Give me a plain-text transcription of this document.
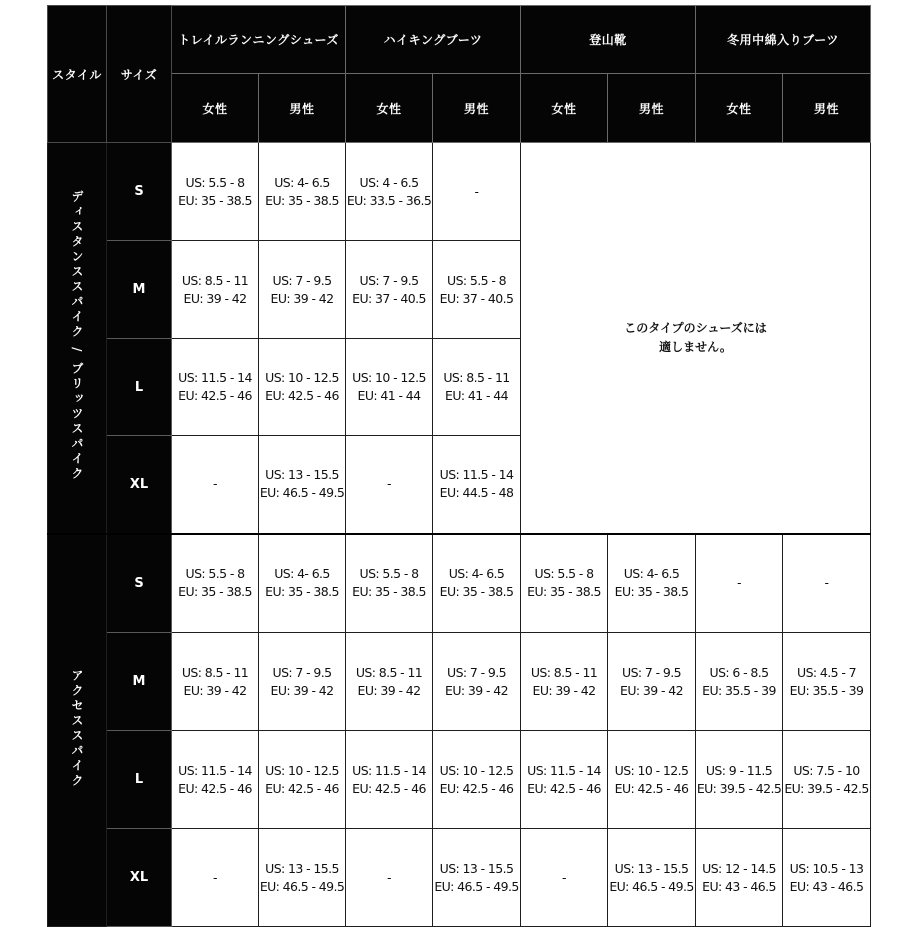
スタイル	サイズ	トレイルランニングシューズ		ハイキングブーツ		登山靴		冬用中綿入りブーツ	
		女性	男性	女性	男性	女性	男性	女性	男性
ディスタンススパイク / ブリッツスパイク	S	US: 5.5 - 8
EU: 35 - 38.5	US: 4- 6.5
EU: 35 - 38.5	US: 4 - 6.5
EU: 33.5 - 36.5	-	このタイプのシューズには
適しません。			

	M	US: 8.5 - 11
EU: 39 - 42	US: 7 - 9.5
EU: 39 - 42	US: 7 - 9.5
EU: 37 - 40.5	US: 5.5 - 8
EU: 37 - 40.5				

	L	US: 11.5 - 14
EU: 42.5 - 46	US: 10 - 12.5
EU: 42.5 - 46	US: 10 - 12.5
EU: 41 - 44	US: 8.5 - 11
EU: 41 - 44				

	XL	-	US: 13 - 15.5
EU: 46.5 - 49.5	-	US: 11.5 - 14
EU: 44.5 - 48				

アクセススパイク	S	US: 5.5 - 8
EU: 35 - 38.5	US: 4- 6.5
EU: 35 - 38.5	US: 5.5 - 8
EU: 35 - 38.5	US: 4- 6.5
EU: 35 - 38.5	US: 5.5 - 8
EU: 35 - 38.5	US: 4- 6.5
EU: 35 - 38.5	-	-

	M	US: 8.5 - 11
EU: 39 - 42	US: 7 - 9.5
EU: 39 - 42	US: 8.5 - 11
EU: 39 - 42	US: 7 - 9.5
EU: 39 - 42	US: 8.5 - 11
EU: 39 - 42	US: 7 - 9.5
EU: 39 - 42	US: 6 - 8.5
EU: 35.5 - 39	US: 4.5 - 7
EU: 35.5 - 39

	L	US: 11.5 - 14
EU: 42.5 - 46	US: 10 - 12.5
EU: 42.5 - 46	US: 11.5 - 14
EU: 42.5 - 46	US: 10 - 12.5
EU: 42.5 - 46	US: 11.5 - 14
EU: 42.5 - 46	US: 10 - 12.5
EU: 42.5 - 46	US: 9 - 11.5
EU: 39.5 - 42.5	US: 7.5 - 10
EU: 39.5 - 42.5

	XL	-	US: 13 - 15.5
EU: 46.5 - 49.5	-	US: 13 - 15.5
EU: 46.5 - 49.5	-	US: 13 - 15.5
EU: 46.5 - 49.5	US: 12 - 14.5
EU: 43 - 46.5	US: 10.5 - 13
EU: 43 - 46.5
